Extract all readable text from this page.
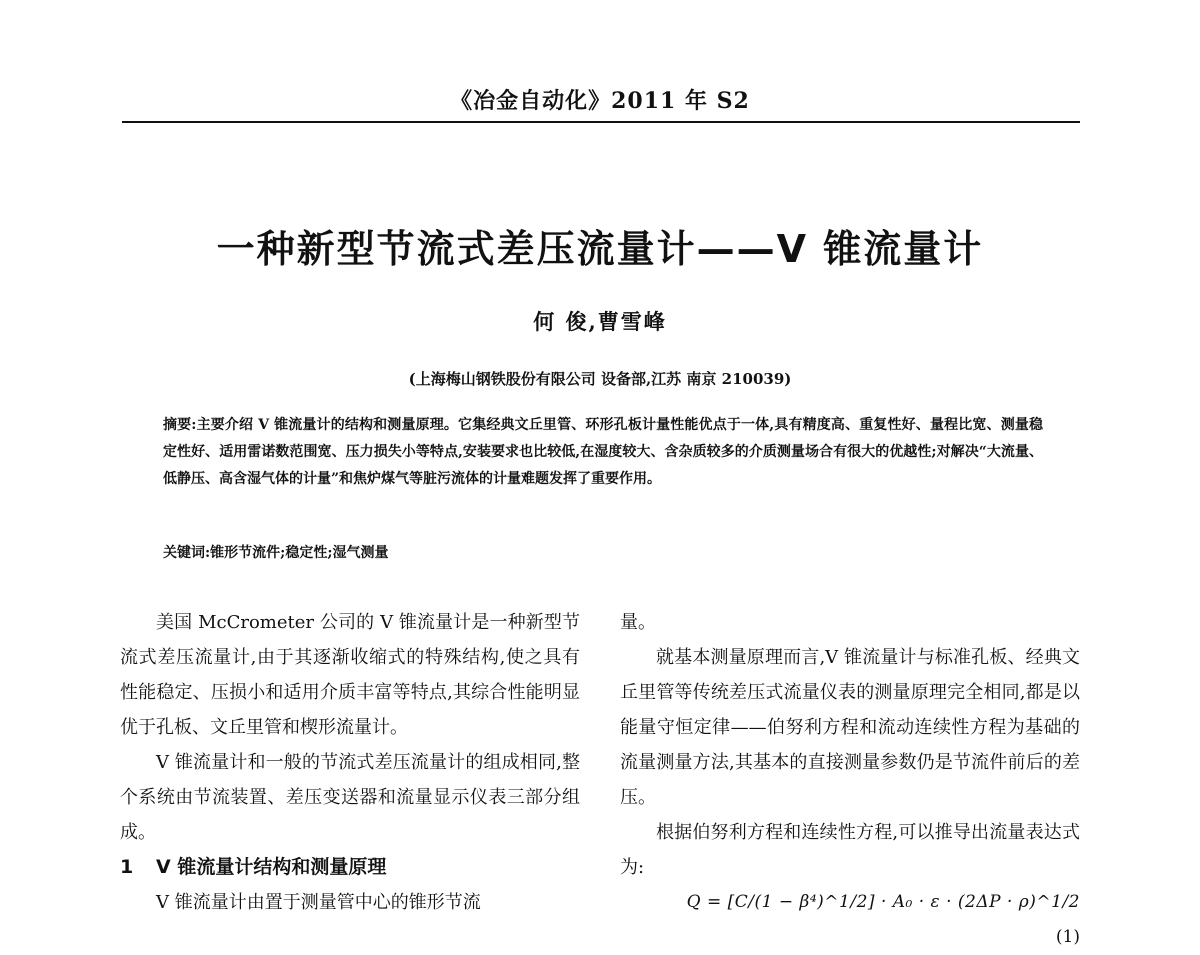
《冶金自动化》2011 年 S2
一种新型节流式差压流量计——V 锥流量计
何 俊,曹雪峰
(上海梅山钢铁股份有限公司 设备部,江苏 南京 210039)
摘要:主要介绍 V 锥流量计的结构和测量原理。它集经典文丘里管、环形孔板计量性能优点于一体,具有精度高、重复性好、量程比宽、测量稳定性好、适用雷诺数范围宽、压力损失小等特点,安装要求也比较低,在湿度较大、含杂质较多的介质测量场合有很大的优越性;对解决“大流量、低静压、高含湿气体的计量”和焦炉煤气等脏污流体的计量难题发挥了重要作用。
关键词:锥形节流件;稳定性;湿气测量

美国 McCrometer 公司的 V 锥流量计是一种新型节流式差压流量计,由于其逐渐收缩式的特殊结构,使之具有性能稳定、压损小和适用介质丰富等特点,其综合性能明显优于孔板、文丘里管和楔形流量计。

V 锥流量计和一般的节流式差压流量计的组成相同,整个系统由节流装置、差压变送器和流量显示仪表三部分组成。

1 V 锥流量计结构和测量原理

V 锥流量计由置于测量管中心的锥形节流

量。

就基本测量原理而言,V 锥流量计与标准孔板、经典文丘里管等传统差压式流量仪表的测量原理完全相同,都是以能量守恒定律——伯努利方程和流动连续性方程为基础的流量测量方法,其基本的直接测量参数仍是节流件前后的差压。

根据伯努利方程和连续性方程,可以推导出流量表达式为:

Q = [C/(1 − β⁴)^1/2] · A₀ · ε · (2ΔP · ρ)^1/2

(1)
